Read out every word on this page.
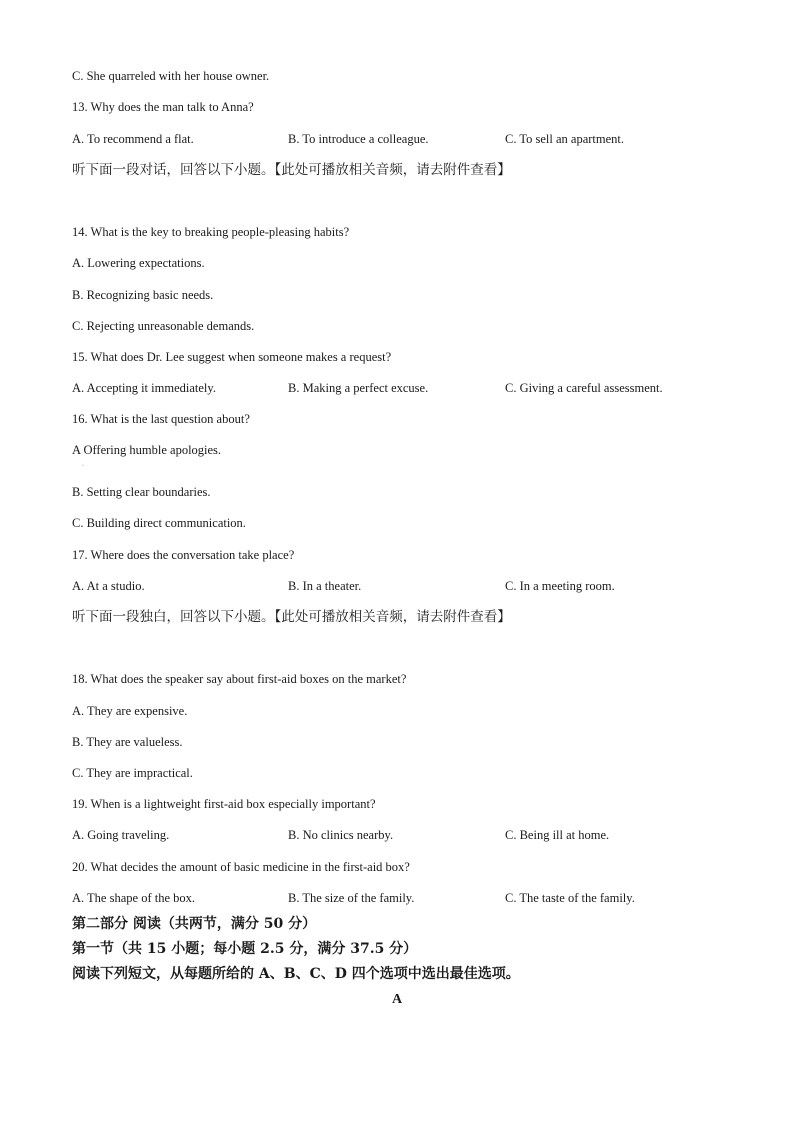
C. She quarreled with her house owner.
13. Why does the man talk to Anna?
A. To recommend a flat.	B. To introduce a colleague.	C. To sell an apartment.
听下面一段对话，回答以下小题。【此处可播放相关音频，请去附件查看】
14. What is the key to breaking people-pleasing habits?
A. Lowering expectations.
B. Recognizing basic needs.
C. Rejecting unreasonable demands.
15. What does Dr. Lee suggest when someone makes a request?
A. Accepting it immediately.	B. Making a perfect excuse.	C. Giving a careful assessment.
16. What is the last question about?
A Offering humble apologies.
·
B. Setting clear boundaries.
C. Building direct communication.
17. Where does the conversation take place?
A. At a studio.	B. In a theater.	C. In a meeting room.
听下面一段独白，回答以下小题。【此处可播放相关音频，请去附件查看】
18. What does the speaker say about first-aid boxes on the market?
A. They are expensive.
B. They are valueless.
C. They are impractical.
19. When is a lightweight first-aid box especially important?
A. Going traveling.	B. No clinics nearby.	C. Being ill at home.
20. What decides the amount of basic medicine in the first-aid box?
A. The shape of the box.	B. The size of the family.	C. The taste of the family.
第二部分 阅读（共两节，满分 50 分）
第一节（共 15 小题；每小题 2.5 分，满分 37.5 分）
阅读下列短文，从每题所给的 A、B、C、D 四个选项中选出最佳选项。
A
